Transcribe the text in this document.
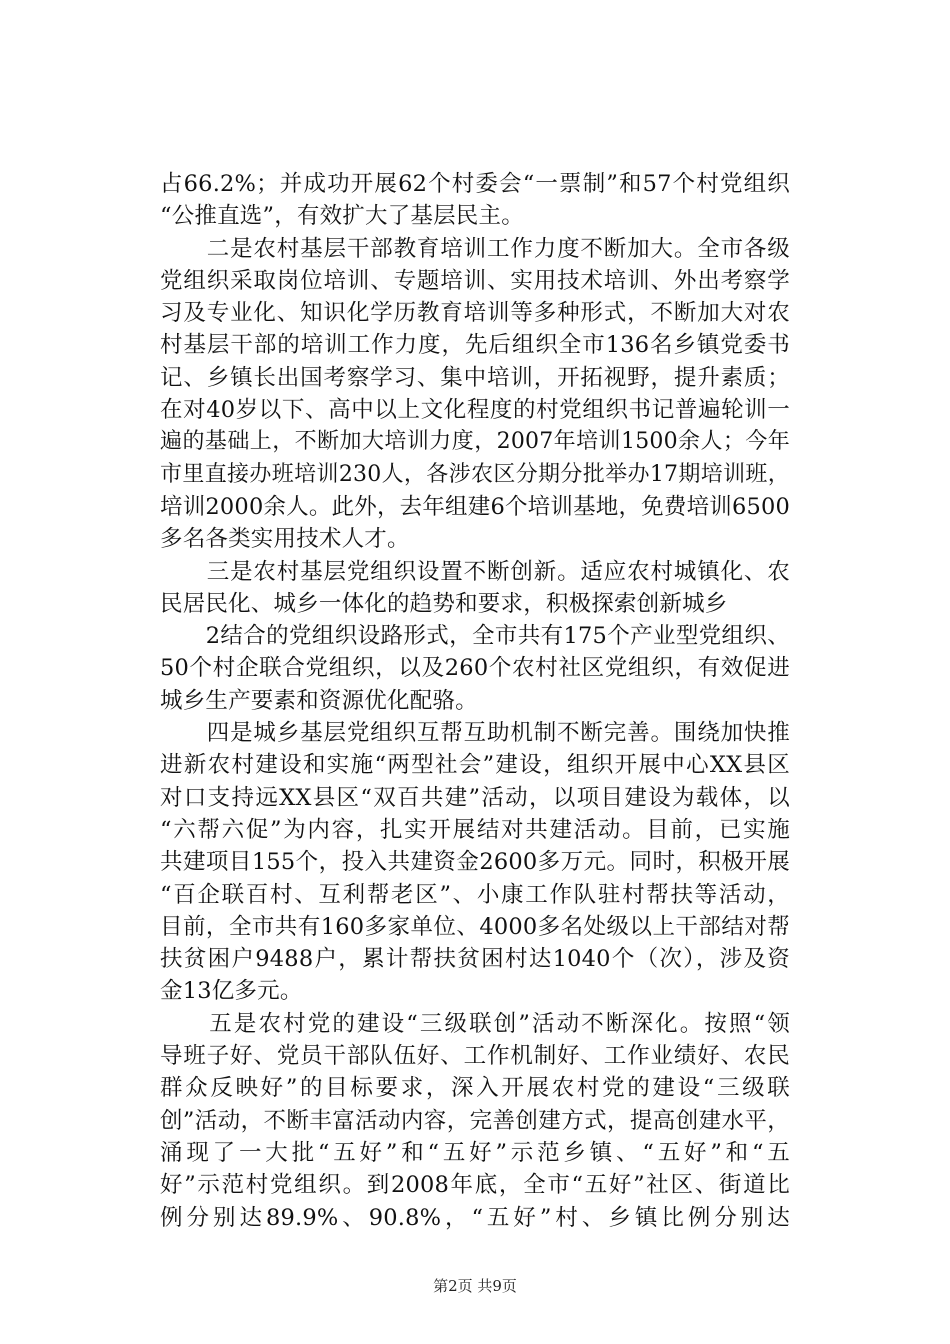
占66.2%；并成功开展62个村委会“一票制”和57个村党组织
“公推直选”，有效扩大了基层民主。
　　二是农村基层干部教育培训工作力度不断加大。全市各级
党组织采取岗位培训、专题培训、实用技术培训、外出考察学
习及专业化、知识化学历教育培训等多种形式，不断加大对农
村基层干部的培训工作力度，先后组织全市136名乡镇党委书
记、乡镇长出国考察学习、集中培训，开拓视野，提升素质；
在对40岁以下、高中以上文化程度的村党组织书记普遍轮训一
遍的基础上，不断加大培训力度，2007年培训1500余人；今年
市里直接办班培训230人，各涉农区分期分批举办17期培训班，
培训2000余人。此外，去年组建6个培训基地，免费培训6500
多名各类实用技术人才。
　　三是农村基层党组织设置不断创新。适应农村城镇化、农
民居民化、城乡一体化的趋势和要求，积极探索创新城乡
　　2结合的党组织设路形式，全市共有175个产业型党组织、
50个村企联合党组织，以及260个农村社区党组织，有效促进
城乡生产要素和资源优化配骆。
　　四是城乡基层党组织互帮互助机制不断完善。围绕加快推
进新农村建设和实施“两型社会”建设，组织开展中心XX县区
对口支持远XX县区“双百共建”活动，以项目建设为载体，以
“六帮六促”为内容，扎实开展结对共建活动。目前，已实施
共建项目155个，投入共建资金2600多万元。同时，积极开展
“百企联百村、互利帮老区”、小康工作队驻村帮扶等活动，
目前，全市共有160多家单位、4000多名处级以上干部结对帮
扶贫困户9488户，累计帮扶贫困村达1040个（次），涉及资
金13亿多元。
　　五是农村党的建设“三级联创”活动不断深化。按照“领
导班子好、党员干部队伍好、工作机制好、工作业绩好、农民
群众反映好”的目标要求，深入开展农村党的建设“三级联
创”活动，不断丰富活动内容，完善创建方式，提高创建水平，
涌现了一大批“五好”和“五好”示范乡镇、“五好”和“五
好”示范村党组织。到2008年底，全市“五好”社区、街道比
例分别达89.9%、90.8%，“五好”村、乡镇比例分别达
第2页 共9页
